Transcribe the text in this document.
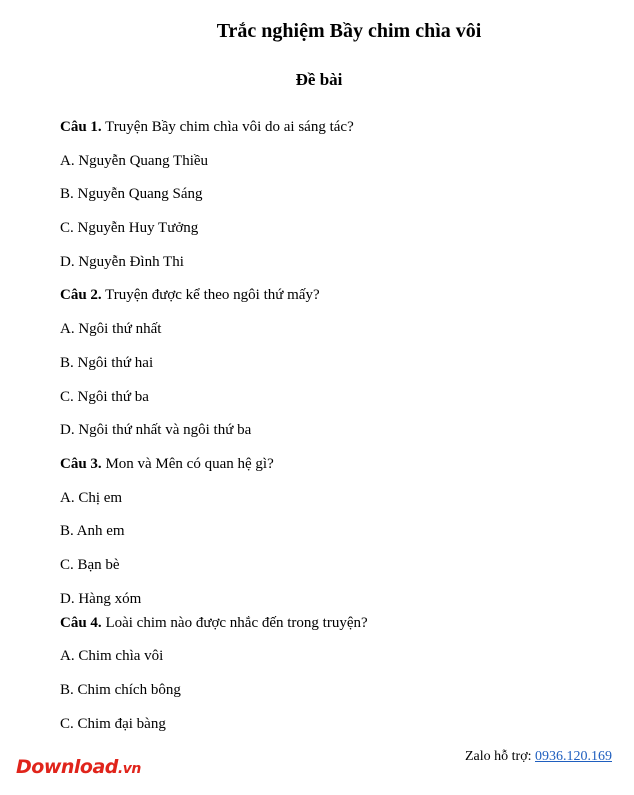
Trắc nghiệm Bầy chim chìa vôi
Đề bài

Câu 1. Truyện Bầy chim chìa vôi do ai sáng tác?

A. Nguyễn Quang Thiều

B. Nguyễn Quang Sáng

C. Nguyễn Huy Tưởng

D. Nguyễn Đình Thi

Câu 2. Truyện được kể theo ngôi thứ mấy?

A. Ngôi thứ nhất

B. Ngôi thứ hai

C. Ngôi thứ ba

D. Ngôi thứ nhất và ngôi thứ ba

Câu 3. Mon và Mên có quan hệ gì?

A. Chị em

B. Anh em

C. Bạn bè

D. Hàng xóm

Câu 4. Loài chim nào được nhắc đến trong truyện?

A. Chim chìa vôi

B. Chim chích bông

C. Chim đại bàng

Download.vn
Zalo hỗ trợ: 0936.120.169
